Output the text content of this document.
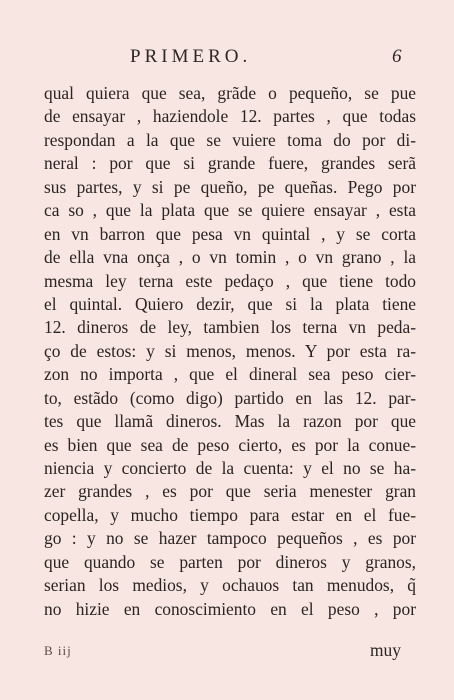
PRIMERO.	6
qual quiera que sea, grãde o pequeño, se pue
de ensayar , haziendole 12. partes , que todas
respondan a la que se vuiere toma do por di-
neral : por que si grande fuere, grandes serã
sus partes, y si pe queño, pe queñas. Pego por
ca so , que la plata que se quiere ensayar , esta
en vn barron que pesa vn quintal , y se corta
de ella vna onça , o vn tomin , o vn grano , la
mesma ley terna este pedaço , que tiene todo
el quintal. Quiero dezir, que si la plata tiene
12. dineros de ley, tambien los terna vn peda-
ço de estos: y si menos, menos. Y por esta ra-
zon no importa , que el dineral sea peso cier-
to, estãdo (como digo) partido en las 12. par-
tes que llamã dineros. Mas la razon por que
es bien que sea de peso cierto, es por la conue-
niencia y concierto de la cuenta: y el no se ha-
zer grandes , es por que seria menester gran
copella, y mucho tiempo para estar en el fue-
go : y no se hazer tampoco pequeños , es por
que quando se parten por dineros y granos,
serian los medios, y ochauos tan menudos, q̃
no hizie en conoscimiento en el peso , por
B iij	muy
